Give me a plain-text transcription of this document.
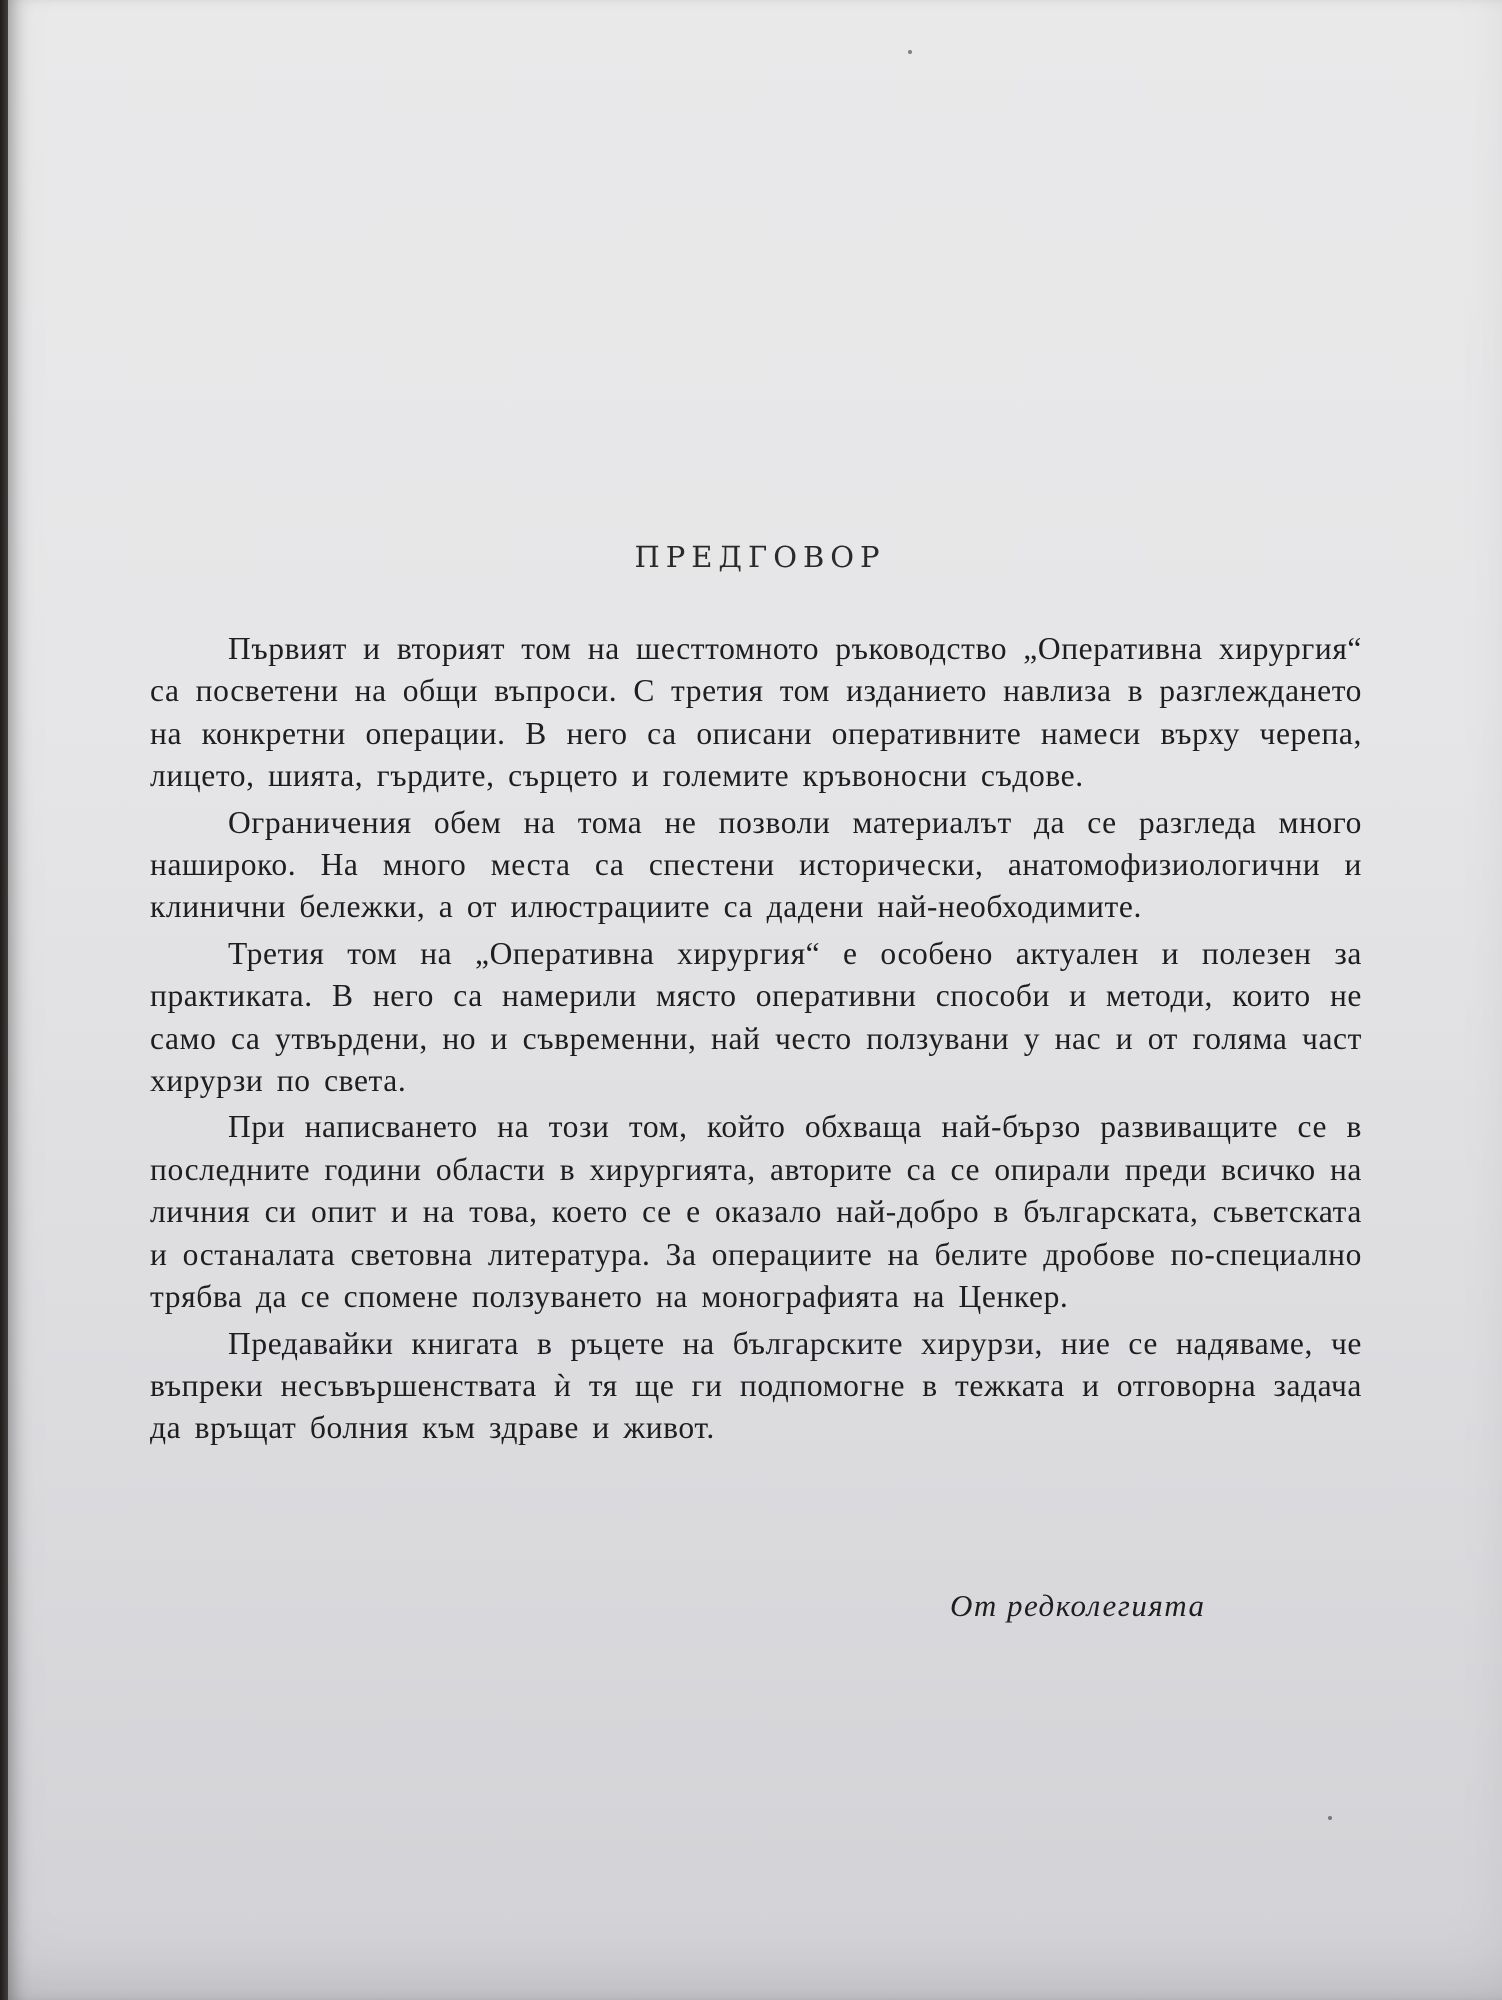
ПРЕДГОВОР

Първият и вторият том на шесттомното ръководство „Оперативна хирургия“ са посветени на общи въпроси. С третия том изданието навлиза в разглеждането на конкретни операции. В него са описани оперативните намеси върху черепа, лицето, шията, гърдите, сърцето и големите кръвоносни съдове.

Ограничения обем на тома не позволи материалът да се разгледа много нашироко. На много места са спестени исторически, анатомофизиологични и клинични бележки, а от илюстрациите са дадени най-необходимите.

Третия том на „Оперативна хирургия“ е особено актуален и полезен за практиката. В него са намерили място оперативни способи и методи, които не само са утвърдени, но и съвременни, най често ползувани у нас и от голяма част хирурзи по света.

При написването на този том, който обхваща най-бързо развиващите се в последните години области в хирургията, авторите са се опирали преди всичко на личния си опит и на това, което се е оказало най-добро в българската, съветската и останалата световна литература. За операциите на белите дробове по-специално трябва да се спомене ползуването на монографията на Ценкер.

Предавайки книгата в ръцете на българските хирурзи, ние се надяваме, че въпреки несъвършенствата ѝ тя ще ги подпомогне в тежката и отговорна задача да връщат болния към здраве и живот.

От редколегията
